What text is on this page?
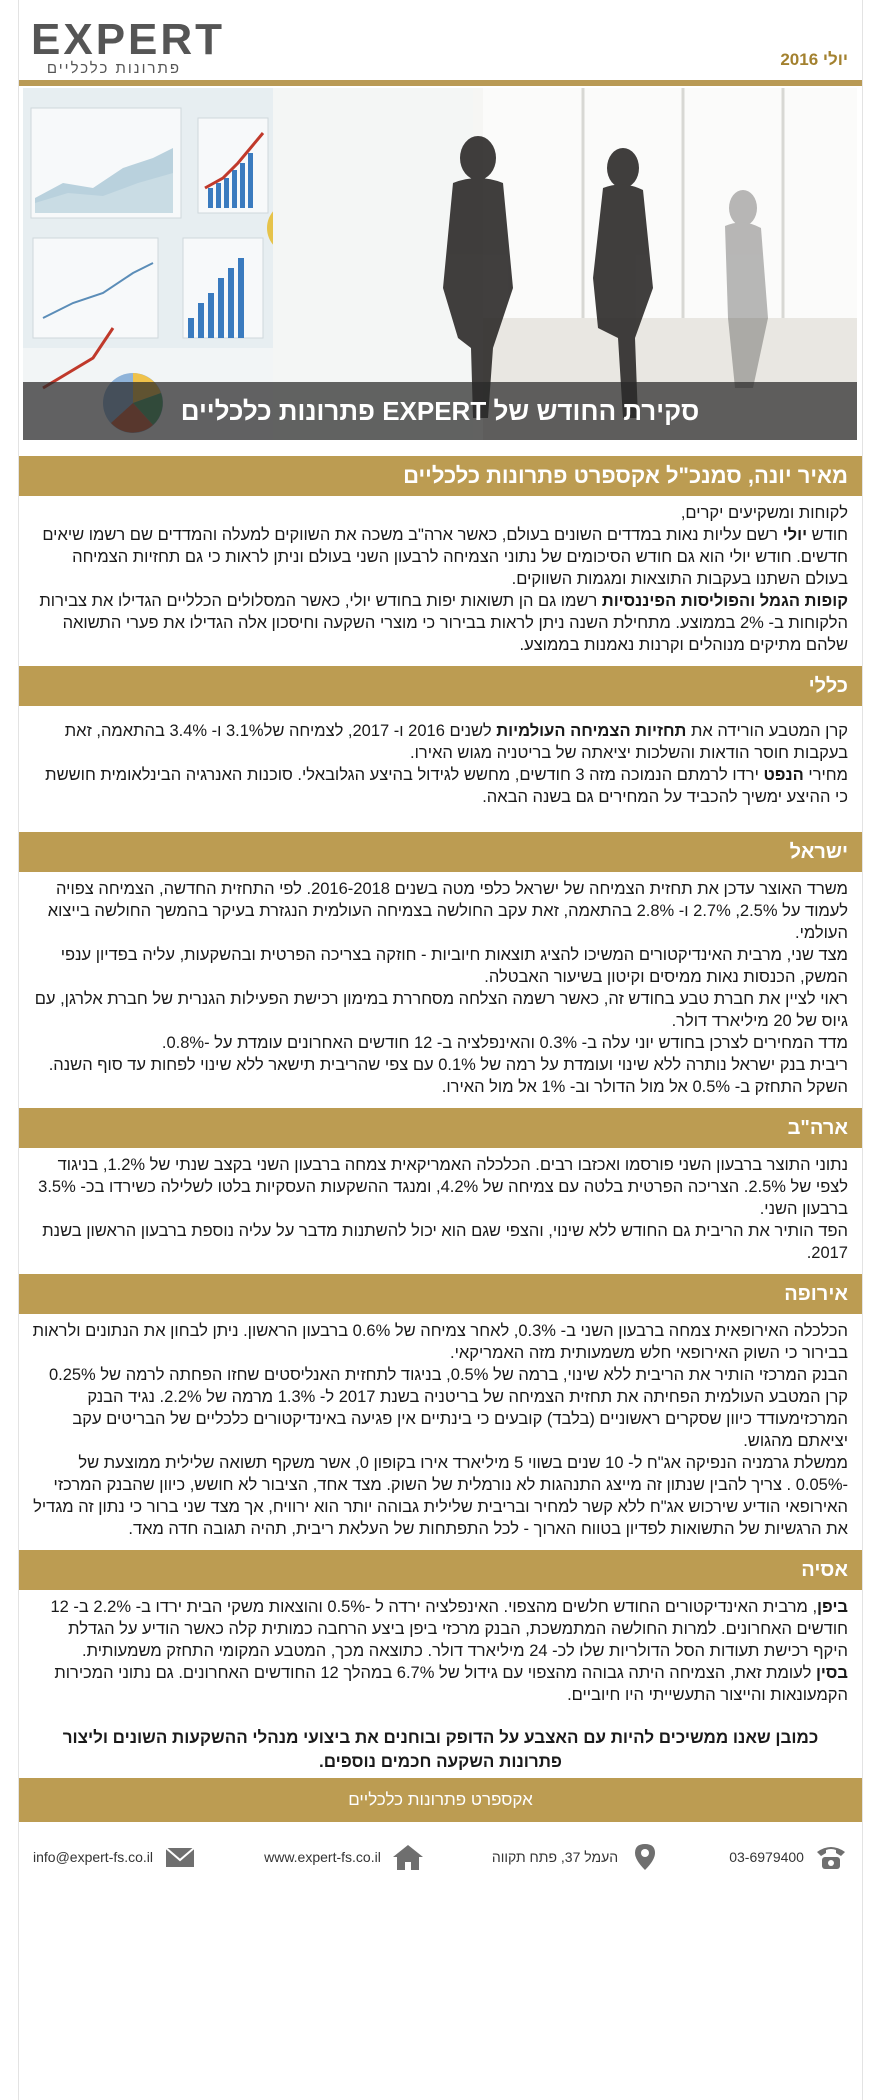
EXPERT
פתרונות כלכליים	יולי 2016
סקירת החודש של EXPERT פתרונות כלכליים
מאיר יונה, סמנכ"ל אקספרט פתרונות כלכליים

לקוחות ומשקיעים יקרים,

חודש יולי רשם עליות נאות במדדים השונים בעולם, כאשר ארה"ב משכה את השווקים למעלה והמדדים שם רשמו שיאים חדשים. חודש יולי הוא גם חודש הסיכומים של נתוני הצמיחה לרבעון השני בעולם וניתן לראות כי גם תחזיות הצמיחה בעולם השתנו בעקבות התוצאות ומגמות השווקים.

קופות הגמל והפוליסות הפיננסיות רשמו גם הן תשואות יפות בחודש יולי, כאשר המסלולים הכלליים הגדילו את צבירות הלקוחות ב- 2% בממוצע. מתחילת השנה ניתן לראות בבירור כי מוצרי השקעה וחיסכון אלה הגדילו את פערי התשואה שלהם מתיקים מנוהלים וקרנות נאמנות בממוצע.

כללי

קרן המטבע הורידה את תחזיות הצמיחה העולמיות לשנים 2016 ו- 2017, לצמיחה של3.1% ו- 3.4% בהתאמה, זאת בעקבות חוסר הודאות והשלכות יציאתה של בריטניה מגוש האירו.

מחירי הנפט ירדו לרמתם הנמוכה מזה 3 חודשים, מחשש לגידול בהיצע הגלובאלי. סוכנות האנרגיה הבינלאומית חוששת כי ההיצע ימשיך להכביד על המחירים גם בשנה הבאה.

ישראל

משרד האוצר עדכן את תחזית הצמיחה של ישראל כלפי מטה בשנים 2016-2018. לפי התחזית החדשה, הצמיחה צפויה לעמוד על 2.5%, 2.7% ו- 2.8% בהתאמה, זאת עקב החולשה בצמיחה העולמית הנגזרת בעיקר בהמשך החולשה בייצוא העולמי.

מצד שני, מרבית האינדיקטורים המשיכו להציג תוצאות חיוביות - חוזקה בצריכה הפרטית ובהשקעות, עליה בפדיון ענפי המשק, הכנסות נאות ממיסים וקיטון בשיעור האבטלה.

ראוי לציין את חברת טבע בחודש זה, כאשר רשמה הצלחה מסחררת במימון רכישת הפעילות הגנרית של חברת אלרגן, עם גיוס של 20 מיליארד דולר.

מדד המחירים לצרכן בחודש יוני עלה ב- 0.3% והאינפלציה ב- 12 חודשים האחרונים עומדת על -0.8%.

ריבית בנק ישראל נותרה ללא שינוי ועומדת על רמה של 0.1% עם צפי שהריבית תישאר ללא שינוי לפחות עד סוף השנה.

השקל התחזק ב- 0.5% אל מול הדולר וב- 1% אל מול האירו.

ארה"ב

נתוני התוצר ברבעון השני פורסמו ואכזבו רבים. הכלכלה האמריקאית צמחה ברבעון השני בקצב שנתי של 1.2%, בניגוד לצפי של 2.5%. הצריכה הפרטית בלטה עם צמיחה של 4.2%, ומנגד ההשקעות העסקיות בלטו לשלילה כשירדו בכ- 3.5% ברבעון השני.

הפד הותיר את הריבית גם החודש ללא שינוי, והצפי שגם הוא יכול להשתנות מדבר על עליה נוספת ברבעון הראשון בשנת 2017.

אירופה

הכלכלה האירופאית צמחה ברבעון השני ב- 0.3%, לאחר צמיחה של 0.6% ברבעון הראשון. ניתן לבחון את הנתונים ולראות בבירור כי השוק האירופאי חלש משמעותית מזה האמריקאי.

הבנק המרכזי הותיר את הריבית ללא שינוי, ברמה של 0.5%, בניגוד לתחזית האנליסטים שחזו הפחתה לרמה של 0.25%

קרן המטבע העולמית הפחיתה את תחזית הצמיחה של בריטניה בשנת 2017 ל- 1.3% מרמה של 2.2%. נגיד הבנק המרכזימעודד כיוון שסקרים ראשוניים (בלבד) קובעים כי בינתיים אין פגיעה באינדיקטורים כלכליים של הבריטים עקב יציאתם מהגוש.

ממשלת גרמניה הנפיקה אג"ח ל- 10 שנים בשווי 5 מיליארד אירו בקופון 0, אשר משקף תשואה שלילית ממוצעת של -0.05% . צריך להבין שנתון זה מייצג התנהגות לא נורמלית של השוק. מצד אחד, הציבור לא חושש, כיוון שהבנק המרכזי האירופאי הודיע שירכוש אג"ח ללא קשר למחיר ובריבית שלילית גבוהה יותר הוא ירוויח, אך מצד שני ברור כי נתון זה מגדיל את הרגשיות של התשואות לפדיון בטווח הארוך - לכל התפתחות של העלאת ריבית, תהיה תגובה חדה מאד.

אסיה

ביפן, מרבית האינדיקטורים החודש חלשים מהצפוי. האינפלציה ירדה ל -0.5% והוצאות משקי הבית ירדו ב- 2.2% ב- 12 חודשים האחרונים. למרות החולשה המתמשכת, הבנק מרכזי ביפן ביצע הרחבה כמותית קלה כאשר הודיע על הגדלת היקף רכישת תעודות הסל הדולריות שלו לכ- 24 מיליארד דולר. כתוצאה מכך, המטבע המקומי התחזק משמעותית.

בסין לעומת זאת, הצמיחה היתה גבוהה מהצפוי עם גידול של 6.7% במהלך 12 החודשים האחרונים. גם נתוני המכירות הקמעונאות והייצור התעשייתי היו חיוביים.

כמובן שאנו ממשיכים להיות עם האצבע על הדופק ובוחנים את ביצועי מנהלי ההשקעות השונים וליצור פתרונות השקעה חכמים נוספים.
אקספרט פתרונות כלכליים
03-6979400
העמל 37, פתח תקווה
www.expert-fs.co.il
info@expert-fs.co.il
